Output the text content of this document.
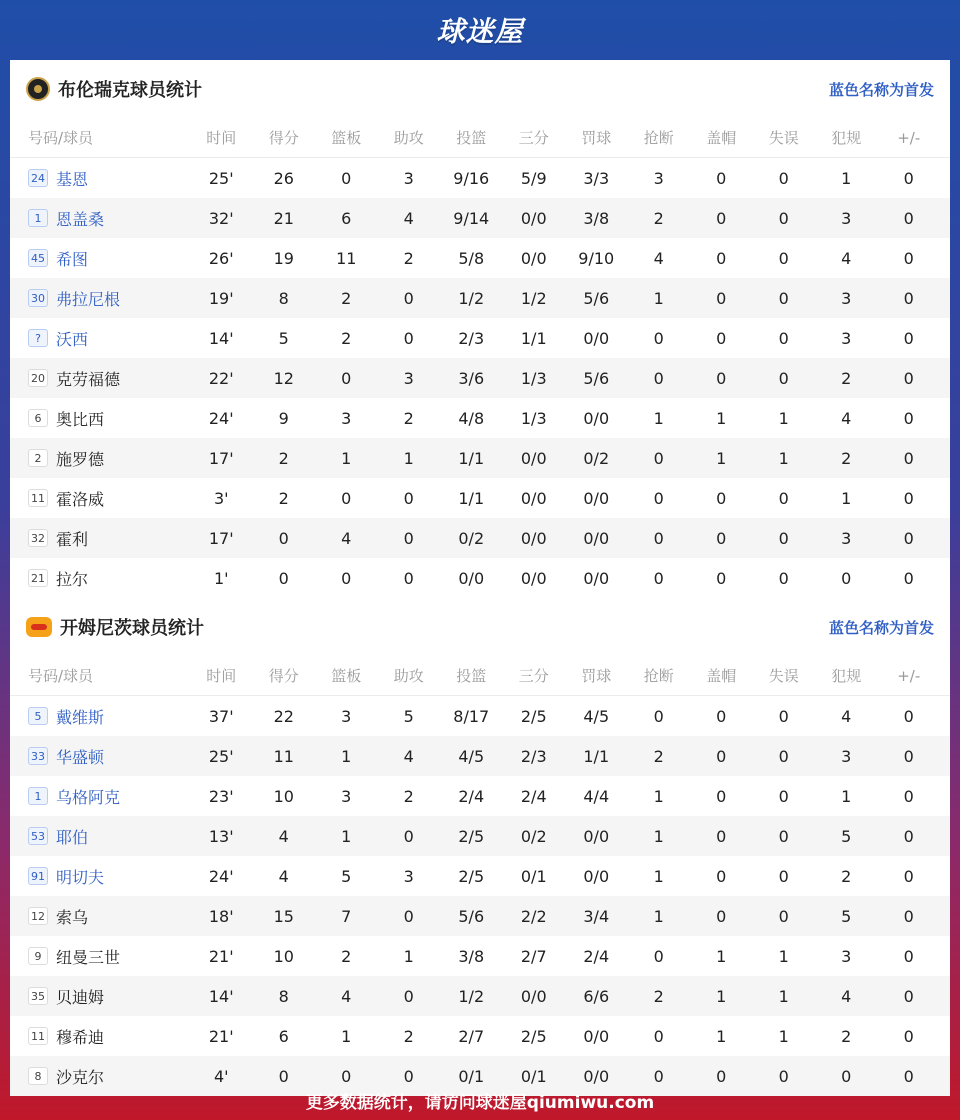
球迷屋
布伦瑞克球员统计	蓝色名称为首发
号码/球员	时间	得分	篮板	助攻	投篮	三分	罚球	抢断	盖帽	失误	犯规	+/-
24 基恩	25'	26	0	3	9/16	5/9	3/3	3	0	0	1	0
1 恩盖桑	32'	21	6	4	9/14	0/0	3/8	2	0	0	3	0
45 希图	26'	19	11	2	5/8	0/0	9/10	4	0	0	4	0
30 弗拉尼根	19'	8	2	0	1/2	1/2	5/6	1	0	0	3	0
? 沃西	14'	5	2	0	2/3	1/1	0/0	0	0	0	3	0
20 克劳福德	22'	12	0	3	3/6	1/3	5/6	0	0	0	2	0
6 奥比西	24'	9	3	2	4/8	1/3	0/0	1	1	1	4	0
2 施罗德	17'	2	1	1	1/1	0/0	0/2	0	1	1	2	0
11 霍洛威	3'	2	0	0	1/1	0/0	0/0	0	0	0	1	0
32 霍利	17'	0	4	0	0/2	0/0	0/0	0	0	0	3	0
21 拉尔	1'	0	0	0	0/0	0/0	0/0	0	0	0	0	0
开姆尼茨球员统计	蓝色名称为首发
号码/球员	时间	得分	篮板	助攻	投篮	三分	罚球	抢断	盖帽	失误	犯规	+/-
5 戴维斯	37'	22	3	5	8/17	2/5	4/5	0	0	0	4	0
33 华盛顿	25'	11	1	4	4/5	2/3	1/1	2	0	0	3	0
1 乌格阿克	23'	10	3	2	2/4	2/4	4/4	1	0	0	1	0
53 耶伯	13'	4	1	0	2/5	0/2	0/0	1	0	0	5	0
91 明切夫	24'	4	5	3	2/5	0/1	0/0	1	0	0	2	0
12 索乌	18'	15	7	0	5/6	2/2	3/4	1	0	0	5	0
9 纽曼三世	21'	10	2	1	3/8	2/7	2/4	0	1	1	3	0
35 贝迪姆	14'	8	4	0	1/2	0/0	6/6	2	1	1	4	0
11 穆希迪	21'	6	1	2	2/7	2/5	0/0	0	1	1	2	0
8 沙克尔	4'	0	0	0	0/1	0/1	0/0	0	0	0	0	0
更多数据统计，请访问球迷屋qiumiwu.com
